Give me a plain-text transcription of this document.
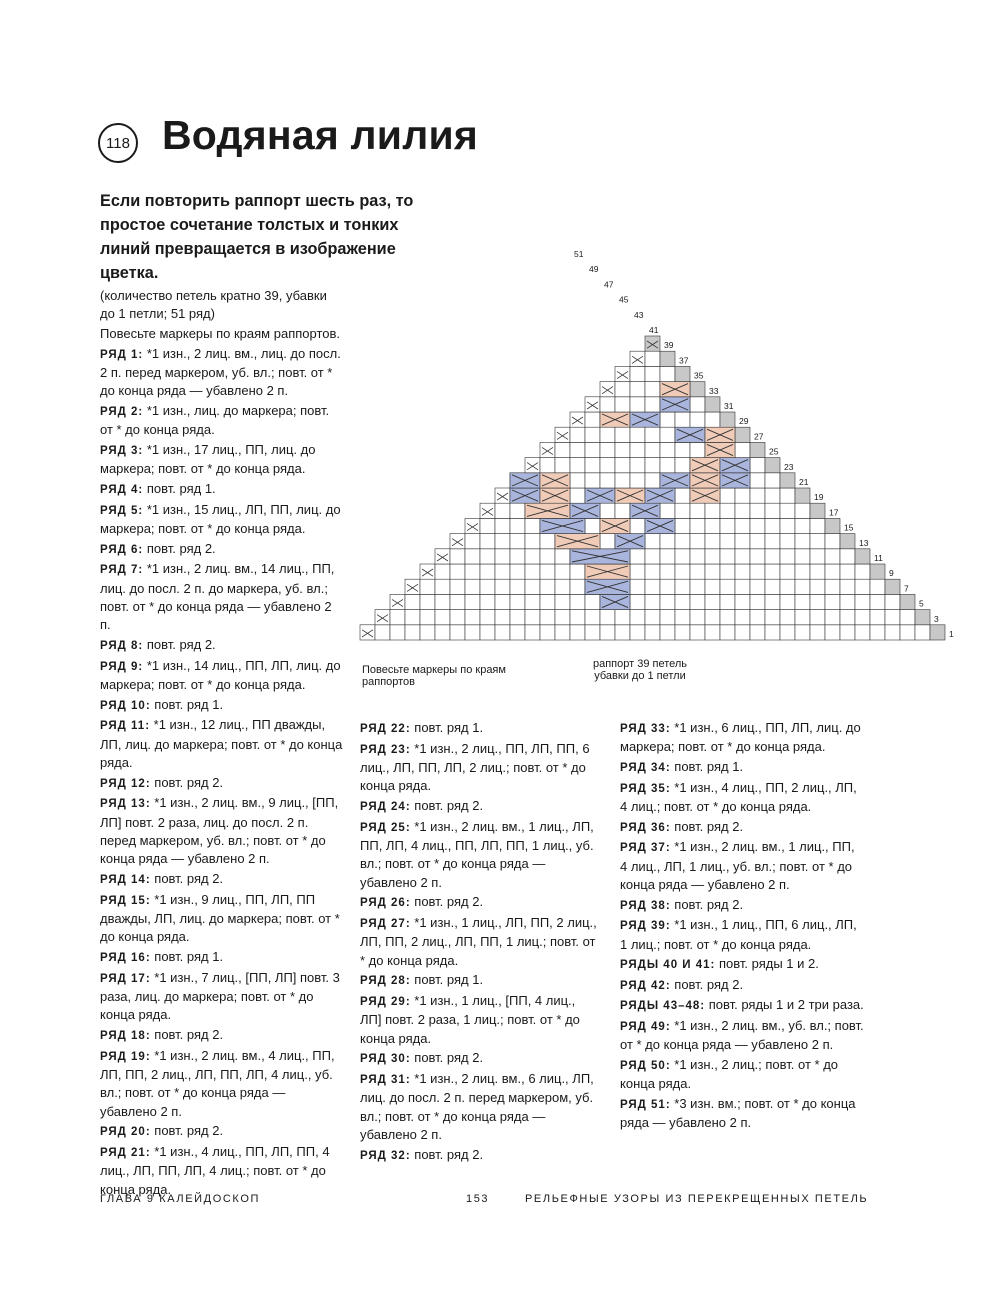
118 Водяная лилия
Если повторить раппорт шесть раз, то простое сочетание толстых и тонких линий превращается в изображение цветка.

(количество петель кратно 39, убавки до 1 петли; 51 ряд)

Повесьте маркеры по краям раппортов.

РЯД 1: *1 изн., 2 лиц. вм., лиц. до посл. 2 п. перед маркером, уб. вл.; повт. от * до конца ряда — убавлено 2 п.

РЯД 2: *1 изн., лиц. до маркера; повт. от * до конца ряда.

РЯД 3: *1 изн., 17 лиц., ПП, лиц. до маркера; повт. от * до конца ряда.

РЯД 4: повт. ряд 1.

РЯД 5: *1 изн., 15 лиц., ЛП, ПП, лиц. до маркера; повт. от * до конца ряда.

РЯД 6: повт. ряд 2.

РЯД 7: *1 изн., 2 лиц. вм., 14 лиц., ПП, лиц. до посл. 2 п. до маркера, уб. вл.; повт. от * до конца ряда — убавлено 2 п.

РЯД 8: повт. ряд 2.

РЯД 9: *1 изн., 14 лиц., ПП, ЛП, лиц. до маркера; повт. от * до конца ряда.

РЯД 10: повт. ряд 1.

РЯД 11: *1 изн., 12 лиц., ПП дважды, ЛП, лиц. до маркера; повт. от * до конца ряда.

РЯД 12: повт. ряд 2.

РЯД 13: *1 изн., 2 лиц. вм., 9 лиц., [ПП, ЛП] повт. 2 раза, лиц. до посл. 2 п. перед маркером, уб. вл.; повт. от * до конца ряда — убавлено 2 п.

РЯД 14: повт. ряд 2.

РЯД 15: *1 изн., 9 лиц., ПП, ЛП, ПП дважды, ЛП, лиц. до маркера; повт. от * до конца ряда.

РЯД 16: повт. ряд 1.

РЯД 17: *1 изн., 7 лиц., [ПП, ЛП] повт. 3 раза, лиц. до маркера; повт. от * до конца ряда.

РЯД 18: повт. ряд 2.

РЯД 19: *1 изн., 2 лиц. вм., 4 лиц., ПП, ЛП, ПП, 2 лиц., ЛП, ПП, ЛП, 4 лиц., уб. вл.; повт. от * до конца ряда — убавлено 2 п.

РЯД 20: повт. ряд 2.

РЯД 21: *1 изн., 4 лиц., ПП, ЛП, ПП, 4 лиц., ЛП, ПП, ЛП, 4 лиц.; повт. от * до конца ряда.

РЯД 22: повт. ряд 1.

РЯД 23: *1 изн., 2 лиц., ПП, ЛП, ПП, 6 лиц., ЛП, ПП, ЛП, 2 лиц.; повт. от * до конца ряда.

РЯД 24: повт. ряд 2.

РЯД 25: *1 изн., 2 лиц. вм., 1 лиц., ЛП, ПП, ЛП, 4 лиц., ПП, ЛП, ПП, 1 лиц., уб. вл.; повт. от * до конца ряда — убавлено 2 п.

РЯД 26: повт. ряд 2.

РЯД 27: *1 изн., 1 лиц., ЛП, ПП, 2 лиц., ЛП, ПП, 2 лиц., ЛП, ПП, 1 лиц.; повт. от * до конца ряда.

РЯД 28: повт. ряд 1.

РЯД 29: *1 изн., 1 лиц., [ПП, 4 лиц., ЛП] повт. 2 раза, 1 лиц.; повт. от * до конца ряда.

РЯД 30: повт. ряд 2.

РЯД 31: *1 изн., 2 лиц. вм., 6 лиц., ЛП, лиц. до посл. 2 п. перед маркером, уб. вл.; повт. от * до конца ряда — убавлено 2 п.

РЯД 32: повт. ряд 2.

РЯД 33: *1 изн., 6 лиц., ПП, ЛП, лиц. до маркера; повт. от * до конца ряда.

РЯД 34: повт. ряд 1.

РЯД 35: *1 изн., 4 лиц., ПП, 2 лиц., ЛП, 4 лиц.; повт. от * до конца ряда.

РЯД 36: повт. ряд 2.

РЯД 37: *1 изн., 2 лиц. вм., 1 лиц., ПП, 4 лиц., ЛП, 1 лиц., уб. вл.; повт. от * до конца ряда — убавлено 2 п.

РЯД 38: повт. ряд 2.

РЯД 39: *1 изн., 1 лиц., ПП, 6 лиц., ЛП, 1 лиц.; повт. от * до конца ряда.

РЯДЫ 40 И 41: повт. ряды 1 и 2.

РЯД 42: повт. ряд 2.

РЯДЫ 43–48: повт. ряды 1 и 2 три раза.

РЯД 49: *1 изн., 2 лиц. вм., уб. вл.; повт. от * до конца ряда — убавлено 2 п.

РЯД 50: *1 изн., 2 лиц.; повт. от * до конца ряда.

РЯД 51: *3 изн. вм.; повт. от * до конца ряда — убавлено 2 п.

1
3
5
7
9
11
13
15
17
19
21
23
25
27
29
31
33
35
37
39
41
43
45
47
49
51
Повесьте маркеры по краям раппортов
раппорт 39 петель
убавки до 1 петли
ГЛАВА 9 КАЛЕЙДОСКОП	153	РЕЛЬЕФНЫЕ УЗОРЫ ИЗ ПЕРЕКРЕЩЕННЫХ ПЕТЕЛЬ
